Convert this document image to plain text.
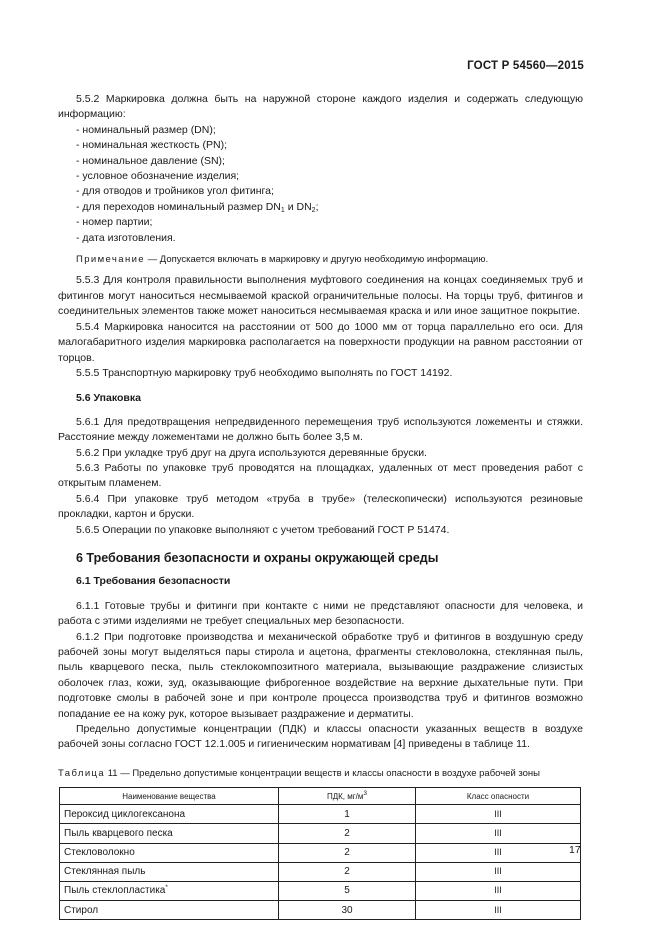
ГОСТ Р 54560—2015

5.5.2 Маркировка должна быть на наружной стороне каждого изделия и содержать следующую информацию:

- номинальный размер (DN);

- номинальная жесткость (PN);

- номинальное давление (SN);

- условное обозначение изделия;

- для отводов и тройников угол фитинга;

- для переходов номинальный размер $DN_1$ и $DN_2$;

- номер партии;

- дата изготовления.

Примечание — Допускается включать в маркировку и другую необходимую информацию.

5.5.3 Для контроля правильности выполнения муфтового соединения на концах соединяемых труб и фитингов могут наноситься несмываемой краской ограничительные полосы. На торцы труб, фитингов и соединительных элементов также может наноситься несмываемая краска и или иное защитное покрытие.

5.5.4 Маркировка наносится на расстоянии от 500 до 1000 мм от торца параллельно его оси. Для малогабаритного изделия маркировка располагается на поверхности продукции на равном расстоянии от торцов.

5.5.5 Транспортную маркировку труб необходимо выполнять по ГОСТ 14192.

5.6 Упаковка

5.6.1 Для предотвращения непредвиденного перемещения труб используются ложементы и стяжки. Расстояние между ложементами не должно быть более 3,5 м.

5.6.2 При укладке труб друг на друга используются деревянные бруски.

5.6.3 Работы по упаковке труб проводятся на площадках, удаленных от мест проведения работ с открытым пламенем.

5.6.4 При упаковке труб методом «труба в трубе» (телескопически) используются резиновые прокладки, картон и бруски.

5.6.5 Операции по упаковке выполняют с учетом требований ГОСТ Р 51474.

6 Требования безопасности и охраны окружающей среды

6.1 Требования безопасности

6.1.1 Готовые трубы и фитинги при контакте с ними не представляют опасности для человека, и работа с этими изделиями не требует специальных мер безопасности.

6.1.2 При подготовке производства и механической обработке труб и фитингов в воздушную среду рабочей зоны могут выделяться пары стирола и ацетона, фрагменты стекловолокна, стеклянная пыль, пыль кварцевого песка, пыль стеклокомпозитного материала, вызывающие раздражение слизистых оболочек глаз, кожи, зуд, оказывающие фиброгенное воздействие на верхние дыхательные пути. При подготовке смолы в рабочей зоне и при контроле процесса производства труб и фитингов возможно попадание ее на кожу рук, которое вызывает раздражение и дерматиты.

Предельно допустимые концентрации (ПДК) и классы опасности указанных веществ в воздухе рабочей зоны согласно ГОСТ 12.1.005 и гигиеническим нормативам [4] приведены в таблице 11.

Таблица 11 — Предельно допустимые концентрации веществ и классы опасности в воздухе рабочей зоны

Наименование вещества	ПДК, $мг/м^3$	Класс опасности
Пероксид циклогексанона	1	III
Пыль кварцевого песка	2	III
Стекловолокно	2	III
Стеклянная пыль	2	III
Пыль стеклопластика*	5	III
Стирол	30	III
17
